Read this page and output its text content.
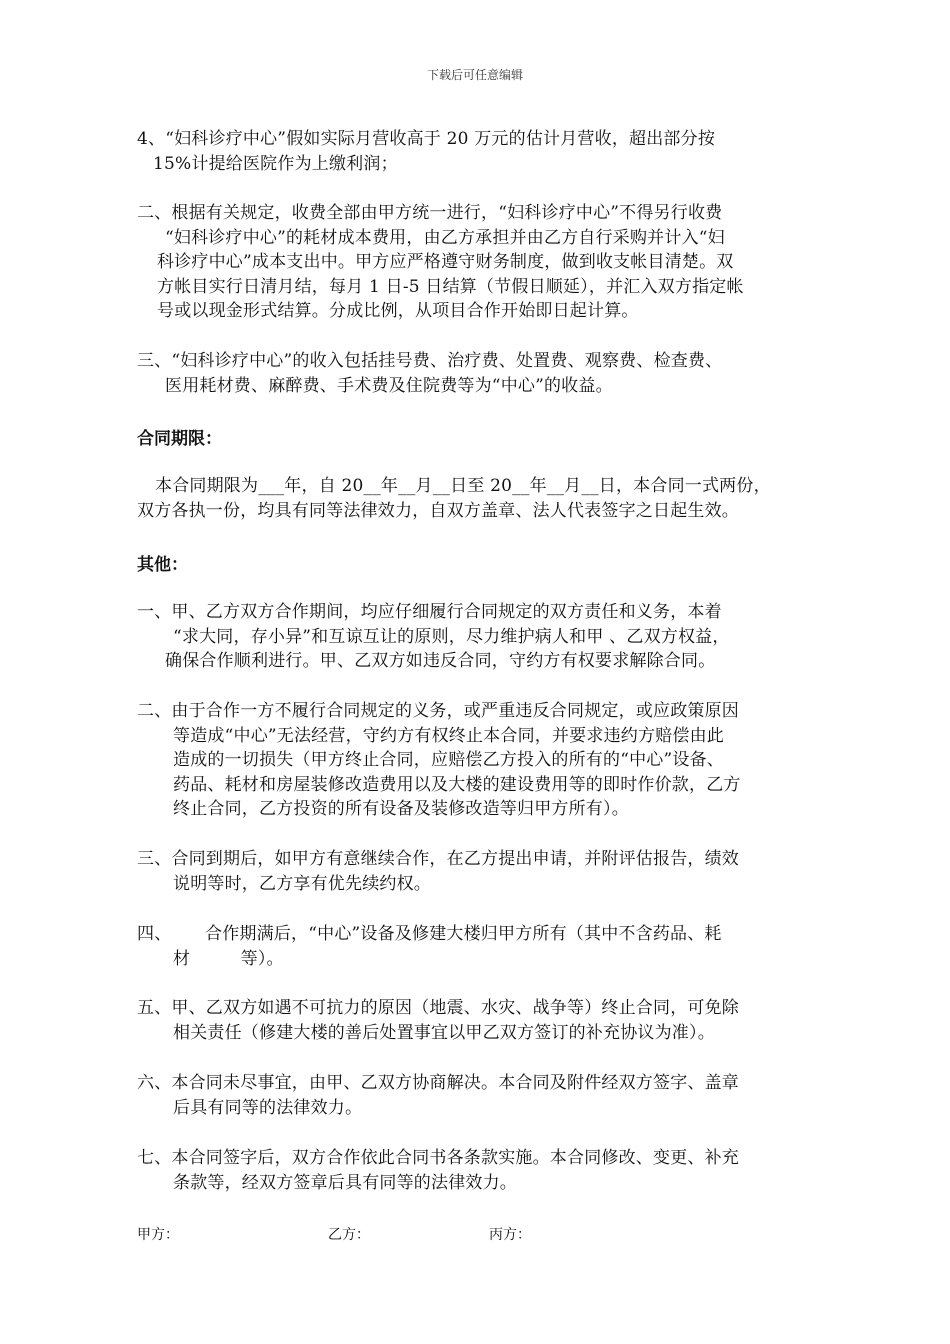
下载后可任意编辑
4、“妇科诊疗中心”假如实际月营收高于 20 万元的估计月营收，超出部分按
15%计提给医院作为上缴利润；
二、根据有关规定，收费全部由甲方统一进行，“妇科诊疗中心”不得另行收费
“妇科诊疗中心”的耗材成本费用，由乙方承担并由乙方自行采购并计入“妇
科诊疗中心”成本支出中。甲方应严格遵守财务制度，做到收支帐目清楚。双
方帐目实行日清月结，每月 1 日-5 日结算（节假日顺延），并汇入双方指定帐
号或以现金形式结算。分成比例，从项目合作开始即日起计算。
三、“妇科诊疗中心”的收入包括挂号费、治疗费、处置费、观察费、检查费、
医用耗材费、麻醉费、手术费及住院费等为“中心”的收益。
合同期限：
本合同期限为___年，自 20__年__月__日至 20__年__月__日，本合同一式两份，
双方各执一份，均具有同等法律效力，自双方盖章、法人代表签字之日起生效。
其他：
一、甲、乙方双方合作期间，均应仔细履行合同规定的双方责任和义务，本着
“求大同，存小异”和互谅互让的原则，尽力维护病人和甲 、乙双方权益，
确保合作顺利进行。甲、乙双方如违反合同，守约方有权要求解除合同。
二、由于合作一方不履行合同规定的义务，或严重违反合同规定，或应政策原因
等造成“中心”无法经营，守约方有权终止本合同，并要求违约方赔偿由此
造成的一切损失（甲方终止合同，应赔偿乙方投入的所有的“中心”设备、
药品、耗材和房屋装修改造费用以及大楼的建设费用等的即时作价款，乙方
终止合同，乙方投资的所有设备及装修改造等归甲方所有）。
三、合同到期后，如甲方有意继续合作，在乙方提出申请，并附评估报告，绩效
说明等时，乙方享有优先续约权。
四、      合作期满后，“中心”设备及修建大楼归甲方所有（其中不含药品、耗
材         等）。
五、甲、乙双方如遇不可抗力的原因（地震、水灾、战争等）终止合同，可免除
相关责任（修建大楼的善后处置事宜以甲乙双方签订的补充协议为准）。
六、本合同未尽事宜，由甲、乙双方协商解决。本合同及附件经双方签字、盖章
后具有同等的法律效力。
七、本合同签字后，双方合作依此合同书各条款实施。本合同修改、变更、补充
条款等，经双方签章后具有同等的法律效力。
甲方：	乙方：	丙方：
